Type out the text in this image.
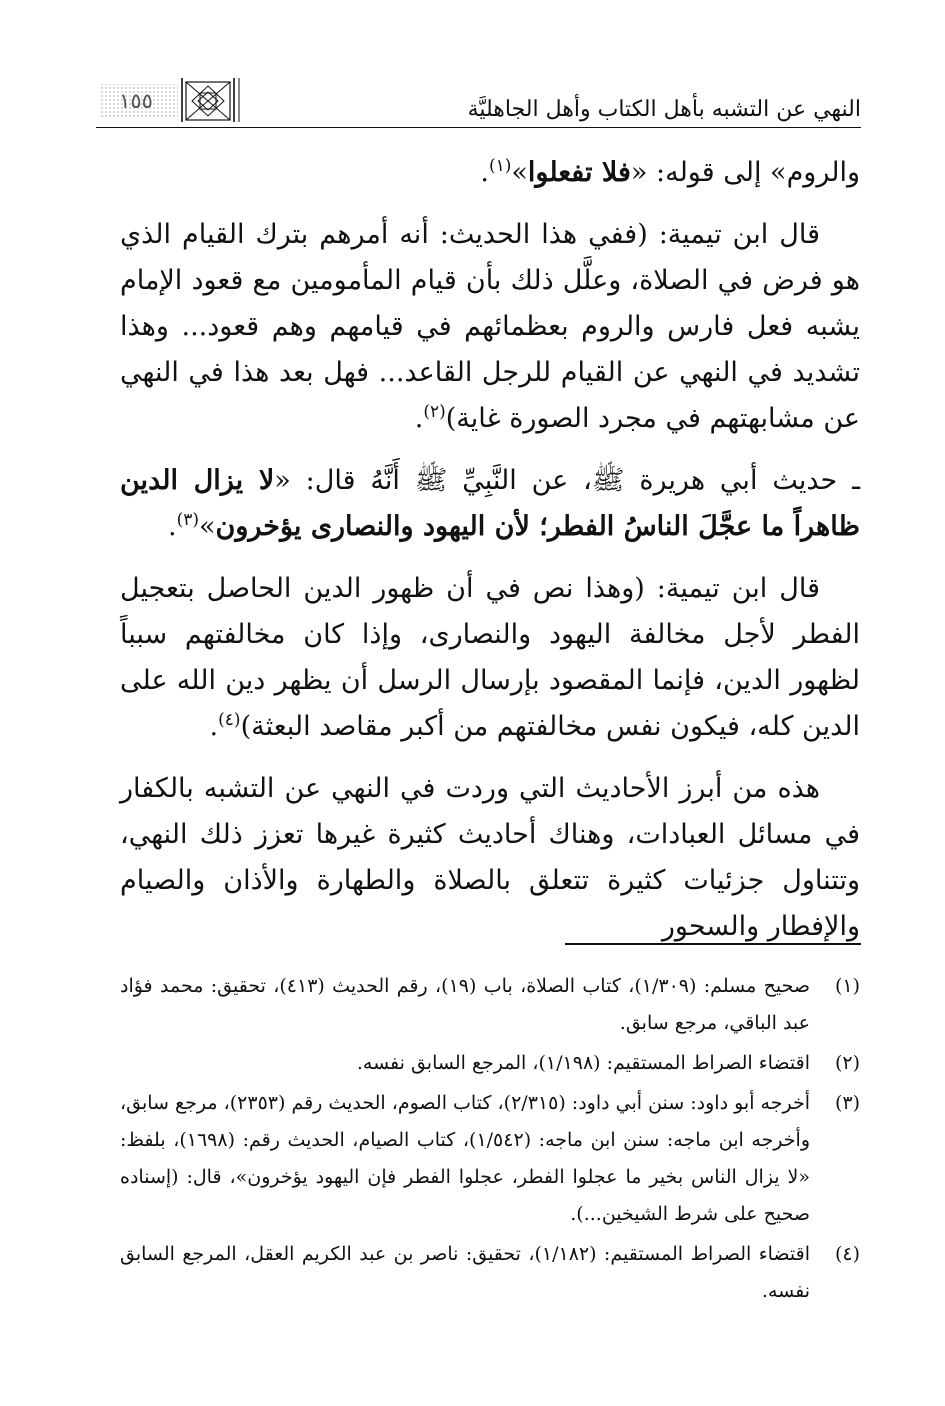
النهي عن التشبه بأهل الكتاب وأهل الجاهليَّة
١٥٥

والروم» إلى قوله: «فلا تفعلوا»$^{(١)}$.

قال ابن تيمية: (ففي هذا الحديث: أنه أمرهم بترك القيام الذي هو فرض في الصلاة، وعلَّل ذلك بأن قيام المأمومين مع قعود الإمام يشبه فعل فارس والروم بعظمائهم في قيامهم وهم قعود... وهذا تشديد في النهي عن القيام للرجل القاعد... فهل بعد هذا في النهي عن مشابهتهم في مجرد الصورة غاية)$^{(٢)}$.

ـ حديث أبي هريرة ﷺ، عن النَّبِيِّ ﷺ أَنَّهُ قال: «لا يزال الدين ظاهراً ما عجَّلَ الناسُ الفطر؛ لأن اليهود والنصارى يؤخرون»$^{(٣)}$.

قال ابن تيمية: (وهذا نص في أن ظهور الدين الحاصل بتعجيل الفطر لأجل مخالفة اليهود والنصارى، وإذا كان مخالفتهم سبباً لظهور الدين، فإنما المقصود بإرسال الرسل أن يظهر دين الله على الدين كله، فيكون نفس مخالفتهم من أكبر مقاصد البعثة)$^{(٤)}$.

هذه من أبرز الأحاديث التي وردت في النهي عن التشبه بالكفار في مسائل العبادات، وهناك أحاديث كثيرة غيرها تعزز ذلك النهي، وتتناول جزئيات كثيرة تتعلق بالصلاة والطهارة والأذان والصيام والإفطار والسحور

(١)
صحيح مسلم: (١/٣٠٩)، كتاب الصلاة، باب (١٩)، رقم الحديث (٤١٣)، تحقيق: محمد فؤاد عبد الباقي، مرجع سابق.
(٢)
اقتضاء الصراط المستقيم: (١/١٩٨)، المرجع السابق نفسه.
(٣)
أخرجه أبو داود: سنن أبي داود: (٢/٣١٥)، كتاب الصوم، الحديث رقم (٢٣٥٣)، مرجع سابق، وأخرجه ابن ماجه: سنن ابن ماجه: (١/٥٤٢)، كتاب الصيام، الحديث رقم: (١٦٩٨)، بلفظ: «لا يزال الناس بخير ما عجلوا الفطر، عجلوا الفطر فإن اليهود يؤخرون»، قال: (إسناده صحيح على شرط الشيخين...).
(٤)
اقتضاء الصراط المستقيم: (١/١٨٢)، تحقيق: ناصر بن عبد الكريم العقل، المرجع السابق نفسه.
